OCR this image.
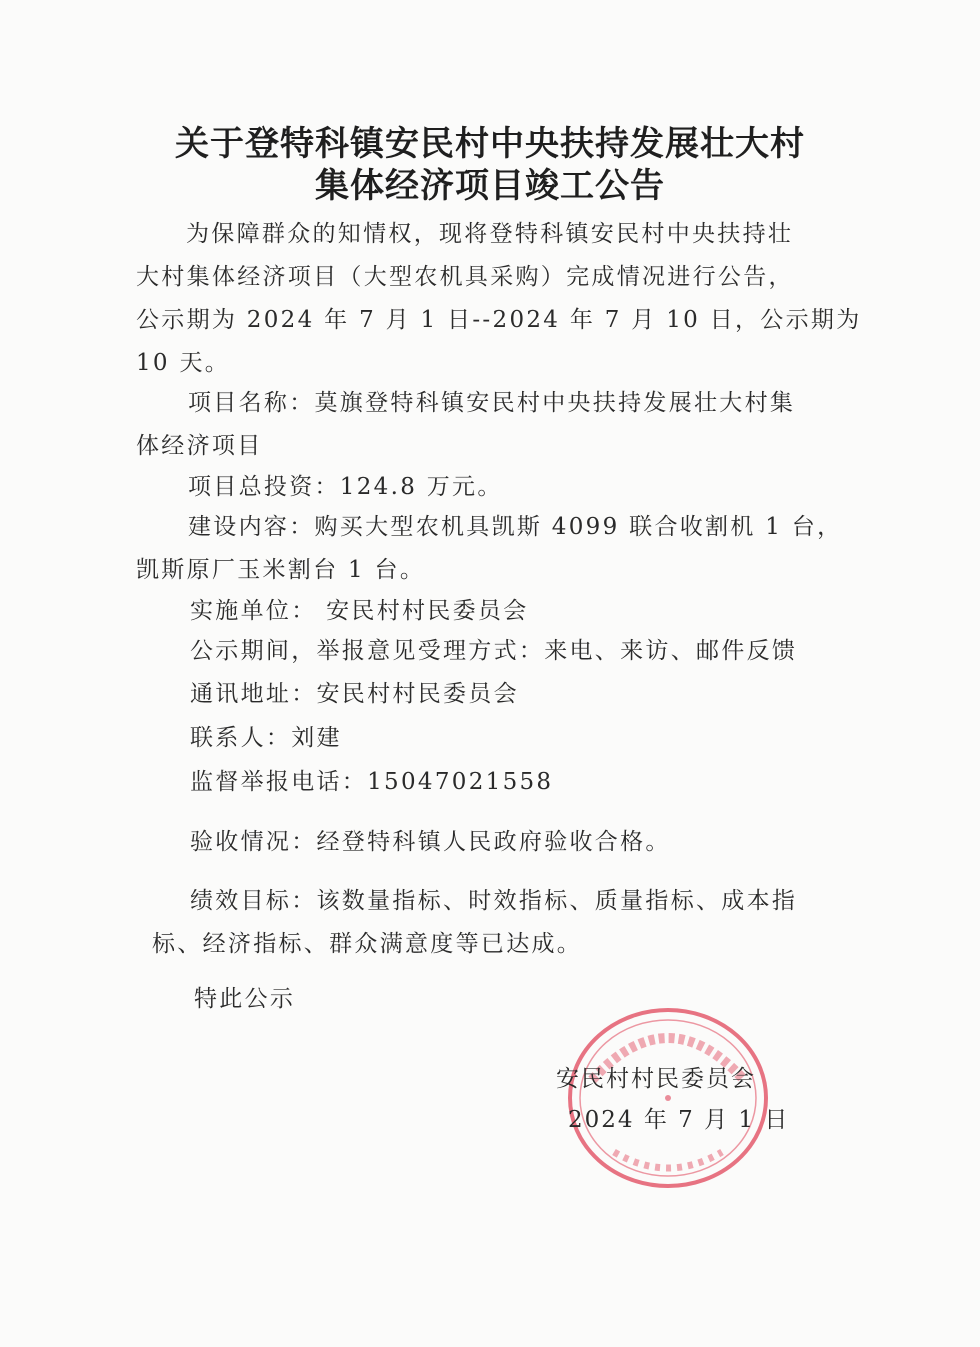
关于登特科镇安民村中央扶持发展壮大村
集体经济项目竣工公告
为保障群众的知情权，现将登特科镇安民村中央扶持壮
大村集体经济项目（大型农机具采购）完成情况进行公告，
公示期为 2024 年 7 月 1 日--2024 年 7 月 10 日，公示期为
10 天。
项目名称：莫旗登特科镇安民村中央扶持发展壮大村集
体经济项目
项目总投资：124.8 万元。
建设内容：购买大型农机具凯斯 4099 联合收割机 1 台，
凯斯原厂玉米割台 1 台。
实施单位： 安民村村民委员会
公示期间，举报意见受理方式：来电、来访、邮件反馈
通讯地址：安民村村民委员会
联系人：刘建
监督举报电话：15047021558
验收情况：经登特科镇人民政府验收合格。
绩效目标：该数量指标、时效指标、质量指标、成本指
标、经济指标、群众满意度等已达成。
特此公示
安民村村民委员会
2024 年 7 月 1 日
